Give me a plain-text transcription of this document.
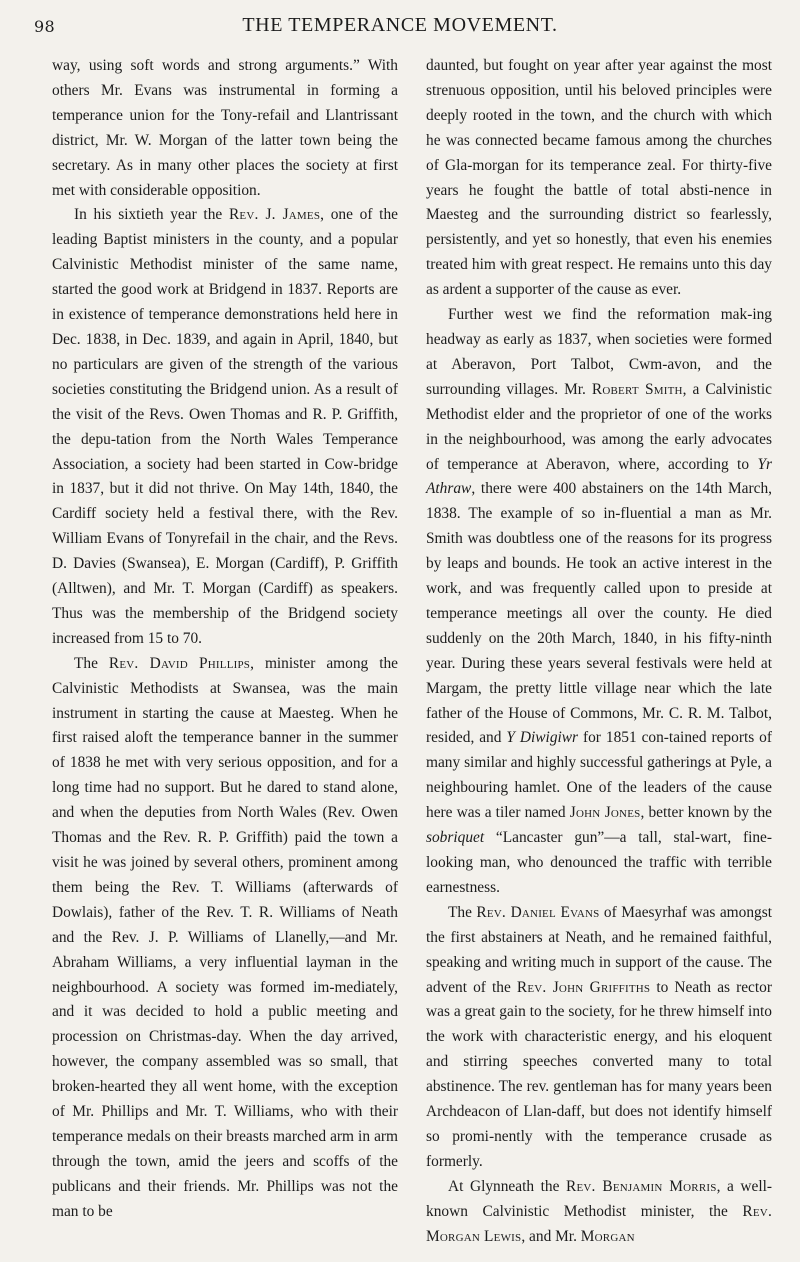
98	THE TEMPERANCE MOVEMENT.

way, using soft words and strong arguments.” With others Mr. Evans was instrumental in forming a temperance union for the Tony-refail and Llantrissant district, Mr. W. Morgan of the latter town being the secretary. As in many other places the society at first met with considerable opposition.

In his sixtieth year the Rev. J. James, one of the leading Baptist ministers in the county, and a popular Calvinistic Methodist minister of the same name, started the good work at Bridgend in 1837. Reports are in existence of temperance demonstrations held here in Dec. 1838, in Dec. 1839, and again in April, 1840, but no particulars are given of the strength of the various societies constituting the Bridgend union. As a result of the visit of the Revs. Owen Thomas and R. P. Griffith, the depu-tation from the North Wales Temperance Association, a society had been started in Cow-bridge in 1837, but it did not thrive. On May 14th, 1840, the Cardiff society held a festival there, with the Rev. William Evans of Tonyrefail in the chair, and the Revs. D. Davies (Swansea), E. Morgan (Cardiff), P. Griffith (Alltwen), and Mr. T. Morgan (Cardiff) as speakers. Thus was the membership of the Bridgend society increased from 15 to 70.

The Rev. David Phillips, minister among the Calvinistic Methodists at Swansea, was the main instrument in starting the cause at Maesteg. When he first raised aloft the temperance banner in the summer of 1838 he met with very serious opposition, and for a long time had no support. But he dared to stand alone, and when the deputies from North Wales (Rev. Owen Thomas and the Rev. R. P. Griffith) paid the town a visit he was joined by several others, prominent among them being the Rev. T. Williams (afterwards of Dowlais), father of the Rev. T. R. Williams of Neath and the Rev. J. P. Williams of Llanelly,—and Mr. Abraham Williams, a very influential layman in the neighbourhood. A society was formed im-mediately, and it was decided to hold a public meeting and procession on Christmas-day. When the day arrived, however, the company assembled was so small, that broken-hearted they all went home, with the exception of Mr. Phillips and Mr. T. Williams, who with their temperance medals on their breasts marched arm in arm through the town, amid the jeers and scoffs of the publicans and their friends. Mr. Phillips was not the man to be

daunted, but fought on year after year against the most strenuous opposition, until his beloved principles were deeply rooted in the town, and the church with which he was connected became famous among the churches of Gla-morgan for its temperance zeal. For thirty-five years he fought the battle of total absti-nence in Maesteg and the surrounding district so fearlessly, persistently, and yet so honestly, that even his enemies treated him with great respect. He remains unto this day as ardent a supporter of the cause as ever.

Further west we find the reformation mak-ing headway as early as 1837, when societies were formed at Aberavon, Port Talbot, Cwm-avon, and the surrounding villages. Mr. Robert Smith, a Calvinistic Methodist elder and the proprietor of one of the works in the neighbourhood, was among the early advocates of temperance at Aberavon, where, according to Yr Athraw, there were 400 abstainers on the 14th March, 1838. The example of so in-fluential a man as Mr. Smith was doubtless one of the reasons for its progress by leaps and bounds. He took an active interest in the work, and was frequently called upon to preside at temperance meetings all over the county. He died suddenly on the 20th March, 1840, in his fifty-ninth year. During these years several festivals were held at Margam, the pretty little village near which the late father of the House of Commons, Mr. C. R. M. Talbot, resided, and Y Diwigiwr for 1851 con-tained reports of many similar and highly successful gatherings at Pyle, a neighbouring hamlet. One of the leaders of the cause here was a tiler named John Jones, better known by the sobriquet “Lancaster gun”—a tall, stal-wart, fine-looking man, who denounced the traffic with terrible earnestness.

The Rev. Daniel Evans of Maesyrhaf was amongst the first abstainers at Neath, and he remained faithful, speaking and writing much in support of the cause. The advent of the Rev. John Griffiths to Neath as rector was a great gain to the society, for he threw himself into the work with characteristic energy, and his eloquent and stirring speeches converted many to total abstinence. The rev. gentleman has for many years been Archdeacon of Llan-daff, but does not identify himself so promi-nently with the temperance crusade as formerly.

At Glynneath the Rev. Benjamin Morris, a well-known Calvinistic Methodist minister, the Rev. Morgan Lewis, and Mr. Morgan
